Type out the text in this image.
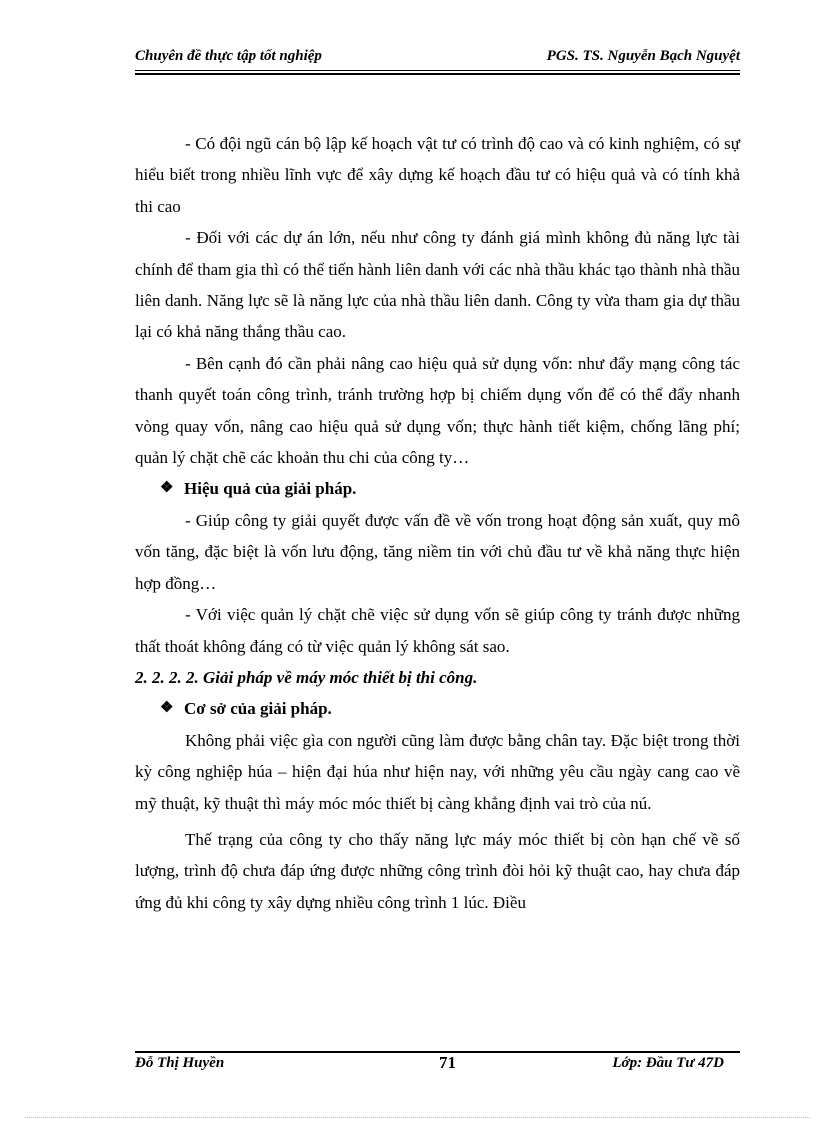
Chuyên đề thực tập tốt nghiệp	PGS. TS. Nguyễn Bạch Nguyệt

- Có đội ngũ cán bộ lập kế hoạch vật tư có trình độ cao và có kinh nghiệm, có sự hiểu biết trong nhiều lĩnh vực để xây dựng kế hoạch đầu tư có hiệu quả và có tính khả thi cao

- Đối với các dự án lớn, nếu như công ty đánh giá mình không đủ năng lực tài chính để tham gia thì có thể tiến hành liên danh với các nhà thầu khác tạo thành nhà thầu liên danh. Năng lực sẽ là năng lực của nhà thầu liên danh. Công ty vừa tham gia dự thầu lại có khả năng thắng thầu cao.

- Bên cạnh đó cần phải nâng cao hiệu quả sử dụng vốn: như đẩy mạng công tác thanh quyết toán công trình, tránh trường hợp bị chiếm dụng vốn để có thể đẩy nhanh vòng quay vốn, nâng cao hiệu quả sử dụng vốn; thực hành tiết kiệm, chống lãng phí; quản lý chặt chẽ các khoản thu chi của công ty…

❖ Hiệu quả của giải pháp.

- Giúp công ty giải quyết được vấn đề về vốn trong hoạt động sản xuất, quy mô vốn tăng, đặc biệt là vốn lưu động, tăng niềm tin với chủ đầu tư về khả năng thực hiện hợp đồng…

- Với việc quản lý chặt chẽ việc sử dụng vốn sẽ giúp công ty tránh được những thất thoát không đáng có từ việc quản lý không sát sao.

2. 2. 2. 2. Giải pháp về máy móc thiết bị thi công.

❖ Cơ sở của giải pháp.

Không phải việc gìa con người cũng làm được bằng chân tay. Đặc biệt trong thời kỳ công nghiệp húa – hiện đại húa như hiện nay, với những yêu cầu ngày cang cao về mỹ thuật, kỹ thuật thì máy móc móc thiết bị càng khẳng định vai trò của nú.

Thế trạng của công ty cho thấy năng lực máy móc thiết bị còn hạn chế về số lượng, trình độ chưa đáp ứng được những công trình đòi hỏi kỹ thuật cao, hay chưa đáp ứng đủ khi công ty xây dựng nhiều công trình 1 lúc. Điều

Đỗ Thị Huyền	71	Lớp: Đầu Tư 47D
